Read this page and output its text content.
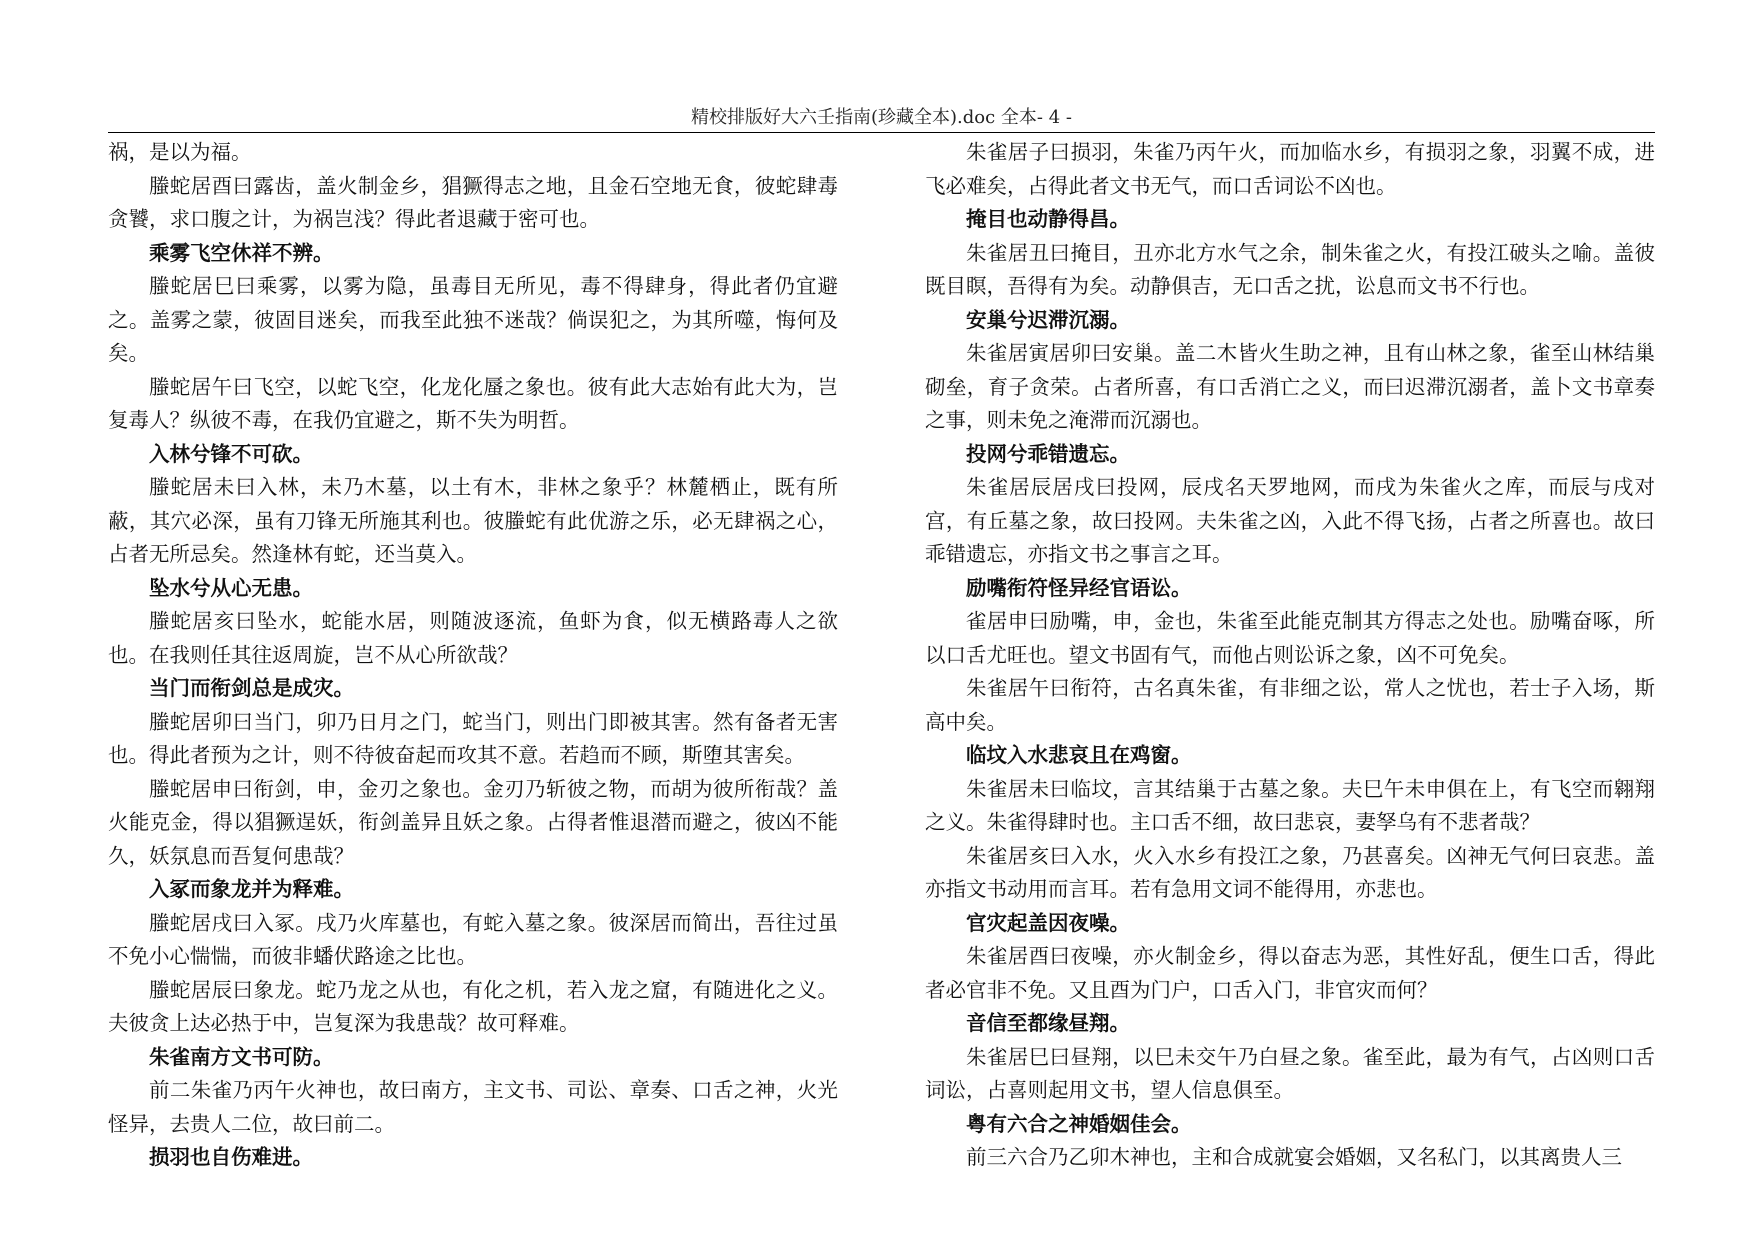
精校排版好大六壬指南(珍藏全本).doc 全本- 4 -

祸，是以为福。

螣蛇居酉曰露齿，盖火制金乡，猖獗得志之地，且金石空地无食，彼蛇肆毒贪饕，求口腹之计，为祸岂浅？得此者退藏于密可也。

乘雾飞空休祥不辨。

螣蛇居巳曰乘雾，以雾为隐，虽毒目无所见，毒不得肆身，得此者仍宜避之。盖雾之蒙，彼固目迷矣，而我至此独不迷哉？倘误犯之，为其所噬，悔何及矣。

螣蛇居午曰飞空，以蛇飞空，化龙化蜃之象也。彼有此大志始有此大为，岂复毒人？纵彼不毒，在我仍宜避之，斯不失为明哲。

入林兮锋不可砍。

螣蛇居未曰入林，未乃木墓，以土有木，非林之象乎？林麓栖止，既有所蔽，其穴必深，虽有刀锋无所施其利也。彼螣蛇有此优游之乐，必无肆祸之心，占者无所忌矣。然逢林有蛇，还当莫入。

坠水兮从心无患。

螣蛇居亥曰坠水，蛇能水居，则随波逐流，鱼虾为食，似无横路毒人之欲也。在我则任其往返周旋，岂不从心所欲哉？

当门而衔剑总是成灾。

螣蛇居卯曰当门，卯乃日月之门，蛇当门，则出门即被其害。然有备者无害也。得此者预为之计，则不待彼奋起而攻其不意。若趋而不顾，斯堕其害矣。

螣蛇居申曰衔剑，申，金刃之象也。金刃乃斩彼之物，而胡为彼所衔哉？盖火能克金，得以猖獗逞妖，衔剑盖异且妖之象。占得者惟退潜而避之，彼凶不能久，妖氛息而吾复何患哉？

入冢而象龙并为释难。

螣蛇居戌曰入冢。戌乃火库墓也，有蛇入墓之象。彼深居而简出，吾往过虽不免小心惴惴，而彼非蟠伏路途之比也。

螣蛇居辰曰象龙。蛇乃龙之从也，有化之机，若入龙之窟，有随进化之义。夫彼贪上达必热于中，岂复深为我患哉？故可释难。

朱雀南方文书可防。

前二朱雀乃丙午火神也，故曰南方，主文书、司讼、章奏、口舌之神，火光怪异，去贵人二位，故曰前二。

损羽也自伤难进。

朱雀居子曰损羽，朱雀乃丙午火，而加临水乡，有损羽之象，羽翼不成，进飞必难矣，占得此者文书无气，而口舌词讼不凶也。

掩目也动静得昌。

朱雀居丑曰掩目，丑亦北方水气之余，制朱雀之火，有投江破头之喻。盖彼既目瞑，吾得有为矣。动静俱吉，无口舌之扰，讼息而文书不行也。

安巢兮迟滞沉溺。

朱雀居寅居卯曰安巢。盖二木皆火生助之神，且有山林之象，雀至山林结巢砌垒，育子贪荣。占者所喜，有口舌消亡之义，而曰迟滞沉溺者，盖卜文书章奏之事，则未免之淹滞而沉溺也。

投网兮乖错遗忘。

朱雀居辰居戌曰投网，辰戌名天罗地网，而戌为朱雀火之库，而辰与戌对宫，有丘墓之象，故曰投网。夫朱雀之凶，入此不得飞扬，占者之所喜也。故曰乖错遗忘，亦指文书之事言之耳。

励嘴衔符怪异经官语讼。

雀居申曰励嘴，申，金也，朱雀至此能克制其方得志之处也。励嘴奋啄，所以口舌尤旺也。望文书固有气，而他占则讼诉之象，凶不可免矣。

朱雀居午曰衔符，古名真朱雀，有非细之讼，常人之忧也，若士子入场，斯高中矣。

临坟入水悲哀且在鸡窗。

朱雀居未曰临坟，言其结巢于古墓之象。夫巳午未申俱在上，有飞空而翱翔之义。朱雀得肆时也。主口舌不细，故曰悲哀，妻孥乌有不悲者哉？

朱雀居亥曰入水，火入水乡有投江之象，乃甚喜矣。凶神无气何曰哀悲。盖亦指文书动用而言耳。若有急用文词不能得用，亦悲也。

官灾起盖因夜噪。

朱雀居酉曰夜噪，亦火制金乡，得以奋志为恶，其性好乱，便生口舌，得此者必官非不免。又且酉为门户，口舌入门，非官灾而何？

音信至都缘昼翔。

朱雀居巳曰昼翔，以巳未交午乃白昼之象。雀至此，最为有气，占凶则口舌词讼，占喜则起用文书，望人信息俱至。

粤有六合之神婚姻佳会。

前三六合乃乙卯木神也，主和合成就宴会婚姻，又名私门，以其离贵人三
